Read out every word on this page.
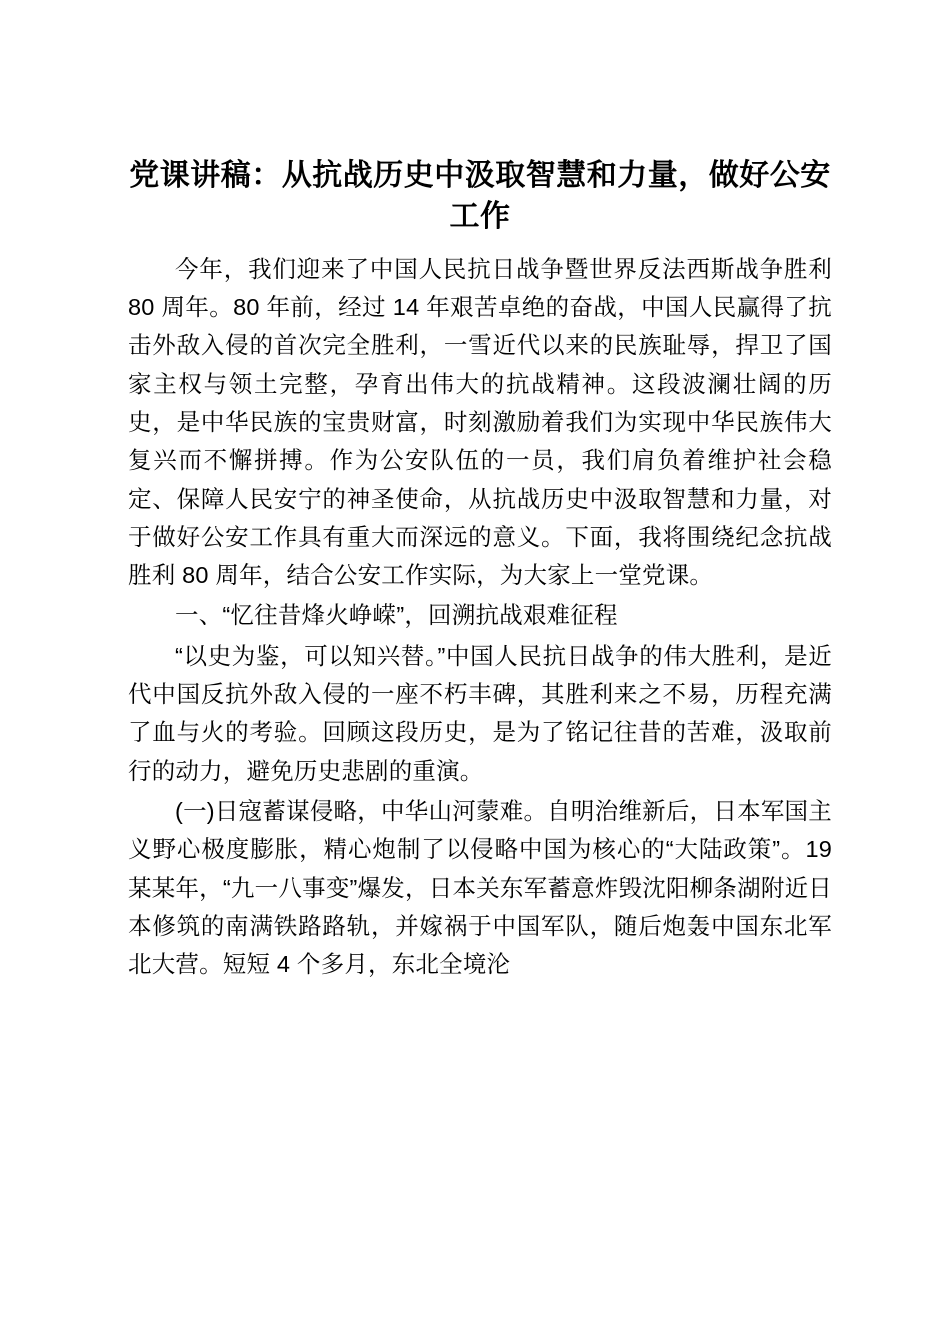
党课讲稿：从抗战历史中汲取智慧和力量，做好公安工作

今年，我们迎来了中国人民抗日战争暨世界反法西斯战争胜利 80 周年。80 年前，经过 14 年艰苦卓绝的奋战，中国人民赢得了抗击外敌入侵的首次完全胜利，一雪近代以来的民族耻辱，捍卫了国家主权与领土完整，孕育出伟大的抗战精神。这段波澜壮阔的历史，是中华民族的宝贵财富，时刻激励着我们为实现中华民族伟大复兴而不懈拼搏。作为公安队伍的一员，我们肩负着维护社会稳定、保障人民安宁的神圣使命，从抗战历史中汲取智慧和力量，对于做好公安工作具有重大而深远的意义。下面，我将围绕纪念抗战胜利 80 周年，结合公安工作实际，为大家上一堂党课。

一、“忆往昔烽火峥嵘”，回溯抗战艰难征程

“以史为鉴，可以知兴替。”中国人民抗日战争的伟大胜利，是近代中国反抗外敌入侵的一座不朽丰碑，其胜利来之不易，历程充满了血与火的考验。回顾这段历史，是为了铭记往昔的苦难，汲取前行的动力，避免历史悲剧的重演。

(一)日寇蓄谋侵略，中华山河蒙难。自明治维新后，日本军国主义野心极度膨胀，精心炮制了以侵略中国为核心的“大陆政策”。19 某某年，“九一八事变”爆发，日本关东军蓄意炸毁沈阳柳条湖附近日本修筑的南满铁路路轨，并嫁祸于中国军队，随后炮轰中国东北军北大营。短短 4 个多月，东北全境沦
